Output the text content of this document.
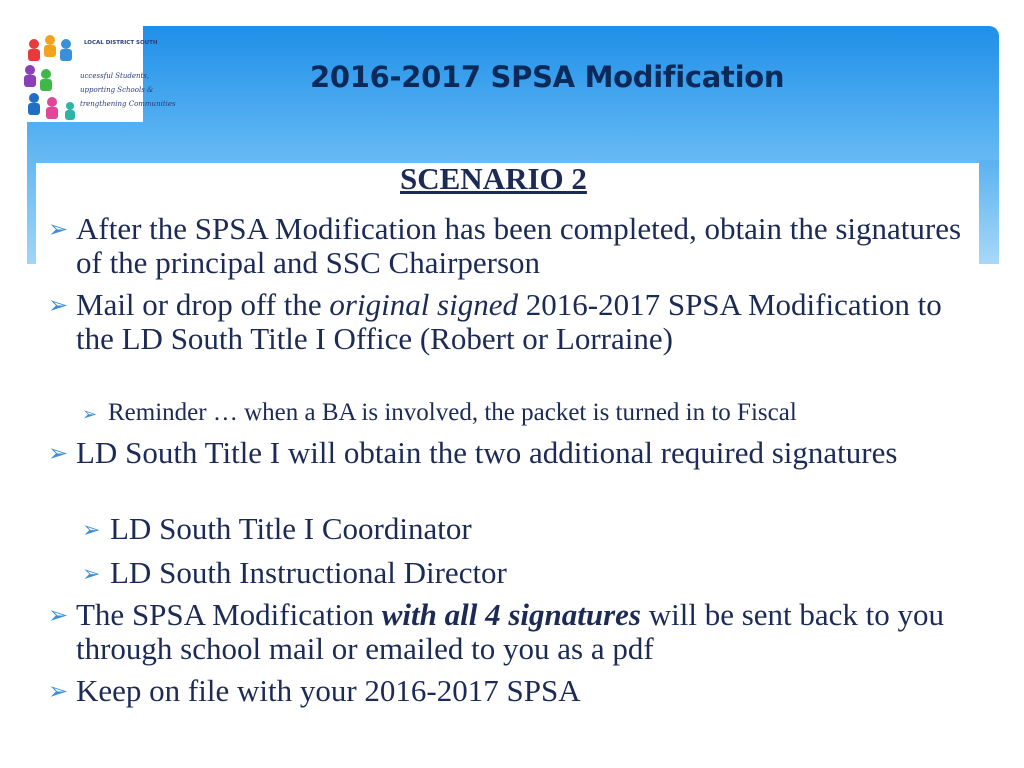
LOCAL DISTRICT SOUTH
uccessful Students,
upporting Schools &
trengthening Communities
2016-2017 SPSA Modification
SCENARIO 2
➢ After the SPSA Modification has been completed, obtain the signatures of the principal and SSC Chairperson
➢ Mail or drop off the original signed 2016-2017 SPSA Modification to the LD South Title I Office (Robert or Lorraine)
➢ Reminder … when a BA is involved, the packet is turned in to Fiscal
➢ LD South Title I will obtain the two additional required signatures
➢ LD South Title I Coordinator
➢ LD South Instructional Director
➢ The SPSA Modification with all 4 signatures will be sent back to you through school mail or emailed to you as a pdf
➢ Keep on file with your 2016-2017 SPSA
